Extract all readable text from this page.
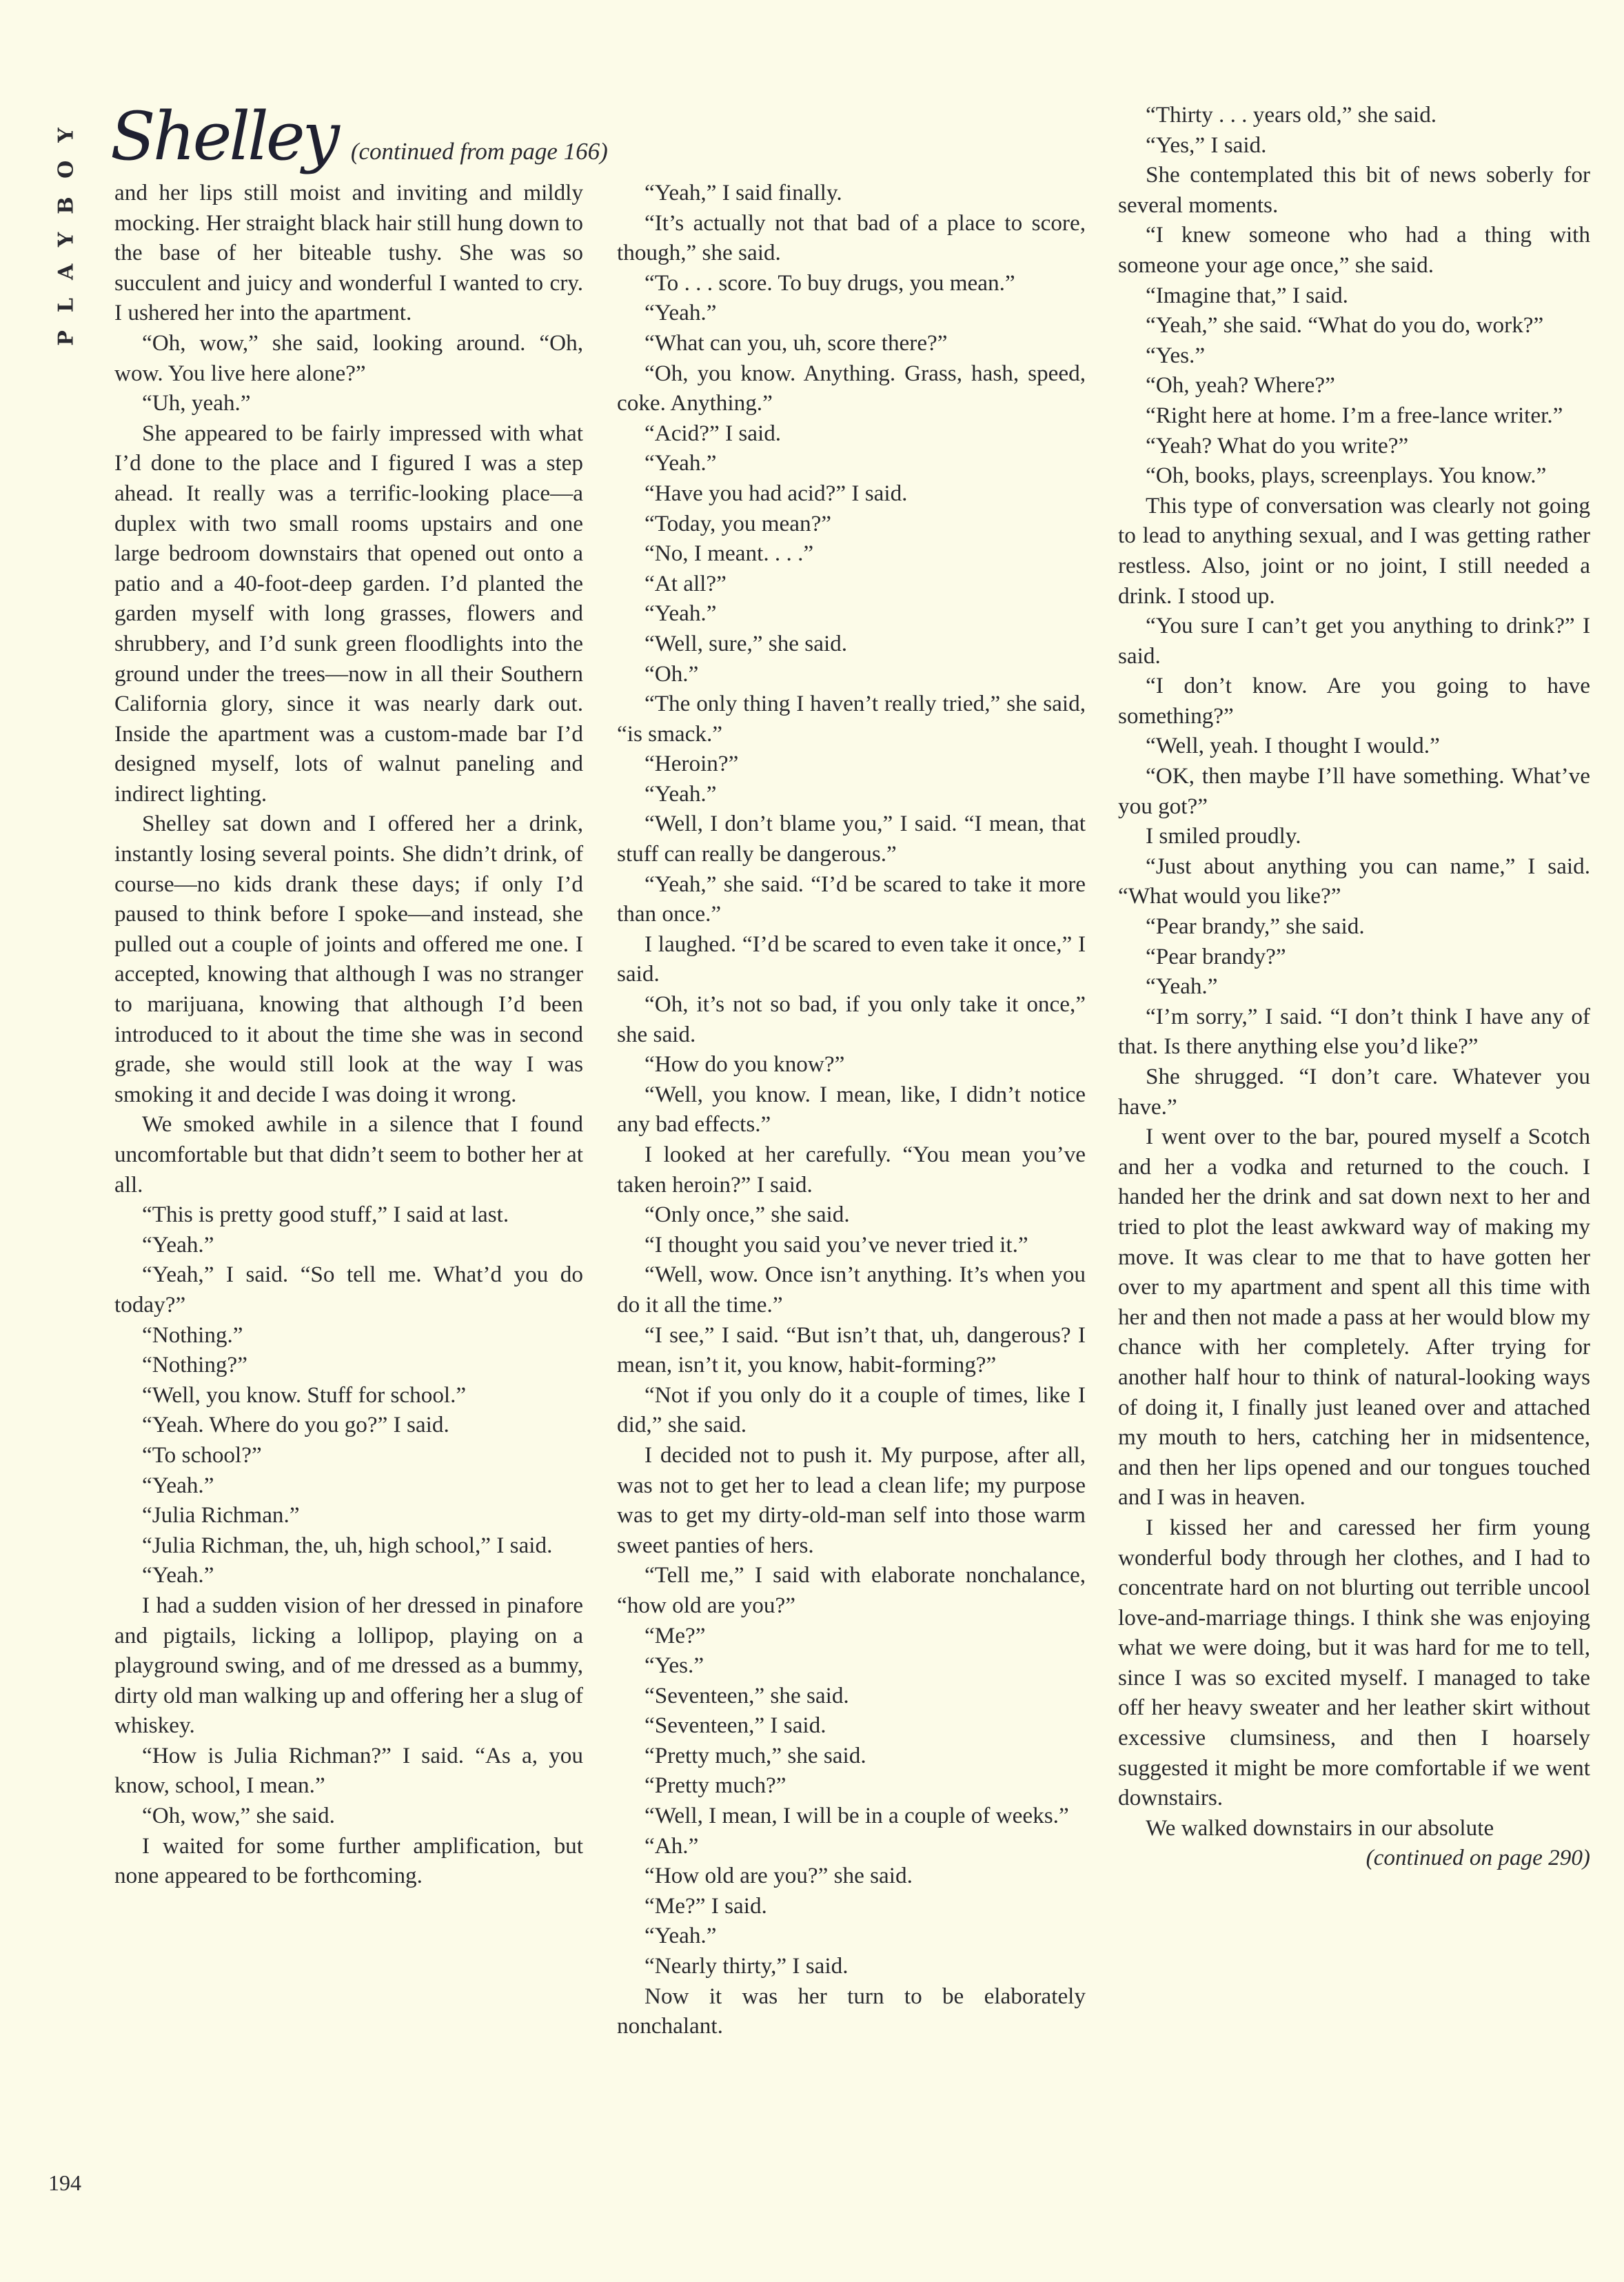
PLAYBOY Shelley (continued from page 166)

and her lips still moist and inviting and mildly mocking. Her straight black hair still hung down to the base of her biteable tushy. She was so succulent and juicy and wonderful I wanted to cry. I ushered her into the apartment.

“Oh, wow,” she said, looking around. “Oh, wow. You live here alone?”

“Uh, yeah.”

She appeared to be fairly impressed with what I’d done to the place and I figured I was a step ahead. It really was a terrific-looking place—a duplex with two small rooms upstairs and one large bedroom downstairs that opened out onto a patio and a 40-foot-deep garden. I’d planted the garden myself with long grasses, flowers and shrubbery, and I’d sunk green floodlights into the ground under the trees—now in all their Southern California glory, since it was nearly dark out. Inside the apartment was a custom-made bar I’d designed myself, lots of walnut paneling and indirect lighting.

Shelley sat down and I offered her a drink, instantly losing several points. She didn’t drink, of course—no kids drank these days; if only I’d paused to think before I spoke—and instead, she pulled out a couple of joints and offered me one. I accepted, knowing that although I was no stranger to marijuana, knowing that although I’d been introduced to it about the time she was in second grade, she would still look at the way I was smoking it and decide I was doing it wrong.

We smoked awhile in a silence that I found uncomfortable but that didn’t seem to bother her at all.

“This is pretty good stuff,” I said at last.

“Yeah.”

“Yeah,” I said. “So tell me. What’d you do today?”

“Nothing.”

“Nothing?”

“Well, you know. Stuff for school.”

“Yeah. Where do you go?” I said.

“To school?”

“Yeah.”

“Julia Richman.”

“Julia Richman, the, uh, high school,” I said.

“Yeah.”

I had a sudden vision of her dressed in pinafore and pigtails, licking a lollipop, playing on a playground swing, and of me dressed as a bummy, dirty old man walking up and offering her a slug of whiskey.

“How is Julia Richman?” I said. “As a, you know, school, I mean.”

“Oh, wow,” she said.

I waited for some further amplification, but none appeared to be forthcoming.

“Yeah,” I said finally.

“It’s actually not that bad of a place to score, though,” she said.

“To . . . score. To buy drugs, you mean.”

“Yeah.”

“What can you, uh, score there?”

“Oh, you know. Anything. Grass, hash, speed, coke. Anything.”

“Acid?” I said.

“Yeah.”

“Have you had acid?” I said.

“Today, you mean?”

“No, I meant. . . .”

“At all?”

“Yeah.”

“Well, sure,” she said.

“Oh.”

“The only thing I haven’t really tried,” she said, “is smack.”

“Heroin?”

“Yeah.”

“Well, I don’t blame you,” I said. “I mean, that stuff can really be dangerous.”

“Yeah,” she said. “I’d be scared to take it more than once.”

I laughed. “I’d be scared to even take it once,” I said.

“Oh, it’s not so bad, if you only take it once,” she said.

“How do you know?”

“Well, you know. I mean, like, I didn’t notice any bad effects.”

I looked at her carefully. “You mean you’ve taken heroin?” I said.

“Only once,” she said.

“I thought you said you’ve never tried it.”

“Well, wow. Once isn’t anything. It’s when you do it all the time.”

“I see,” I said. “But isn’t that, uh, dangerous? I mean, isn’t it, you know, habit-forming?”

“Not if you only do it a couple of times, like I did,” she said.

I decided not to push it. My purpose, after all, was not to get her to lead a clean life; my purpose was to get my dirty-old-man self into those warm sweet panties of hers.

“Tell me,” I said with elaborate nonchalance, “how old are you?”

“Me?”

“Yes.”

“Seventeen,” she said.

“Seventeen,” I said.

“Pretty much,” she said.

“Pretty much?”

“Well, I mean, I will be in a couple of weeks.”

“Ah.”

“How old are you?” she said.

“Me?” I said.

“Yeah.”

“Nearly thirty,” I said.

Now it was her turn to be elaborately nonchalant.

“Thirty . . . years old,” she said.

“Yes,” I said.

She contemplated this bit of news soberly for several moments.

“I knew someone who had a thing with someone your age once,” she said.

“Imagine that,” I said.

“Yeah,” she said. “What do you do, work?”

“Yes.”

“Oh, yeah? Where?”

“Right here at home. I’m a free-lance writer.”

“Yeah? What do you write?”

“Oh, books, plays, screenplays. You know.”

This type of conversation was clearly not going to lead to anything sexual, and I was getting rather restless. Also, joint or no joint, I still needed a drink. I stood up.

“You sure I can’t get you anything to drink?” I said.

“I don’t know. Are you going to have something?”

“Well, yeah. I thought I would.”

“OK, then maybe I’ll have something. What’ve you got?”

I smiled proudly.

“Just about anything you can name,” I said. “What would you like?”

“Pear brandy,” she said.

“Pear brandy?”

“Yeah.”

“I’m sorry,” I said. “I don’t think I have any of that. Is there anything else you’d like?”

She shrugged. “I don’t care. Whatever you have.”

I went over to the bar, poured myself a Scotch and her a vodka and returned to the couch. I handed her the drink and sat down next to her and tried to plot the least awkward way of making my move. It was clear to me that to have gotten her over to my apartment and spent all this time with her and then not made a pass at her would blow my chance with her completely. After trying for another half hour to think of natural-looking ways of doing it, I finally just leaned over and attached my mouth to hers, catching her in midsentence, and then her lips opened and our tongues touched and I was in heaven.

I kissed her and caressed her firm young wonderful body through her clothes, and I had to concentrate hard on not blurting out terrible uncool love-and-marriage things. I think she was enjoying what we were doing, but it was hard for me to tell, since I was so excited myself. I managed to take off her heavy sweater and her leather skirt without excessive clumsiness, and then I hoarsely suggested it might be more comfortable if we went downstairs.

We walked downstairs in our absolute

(continued on page 290)

194
